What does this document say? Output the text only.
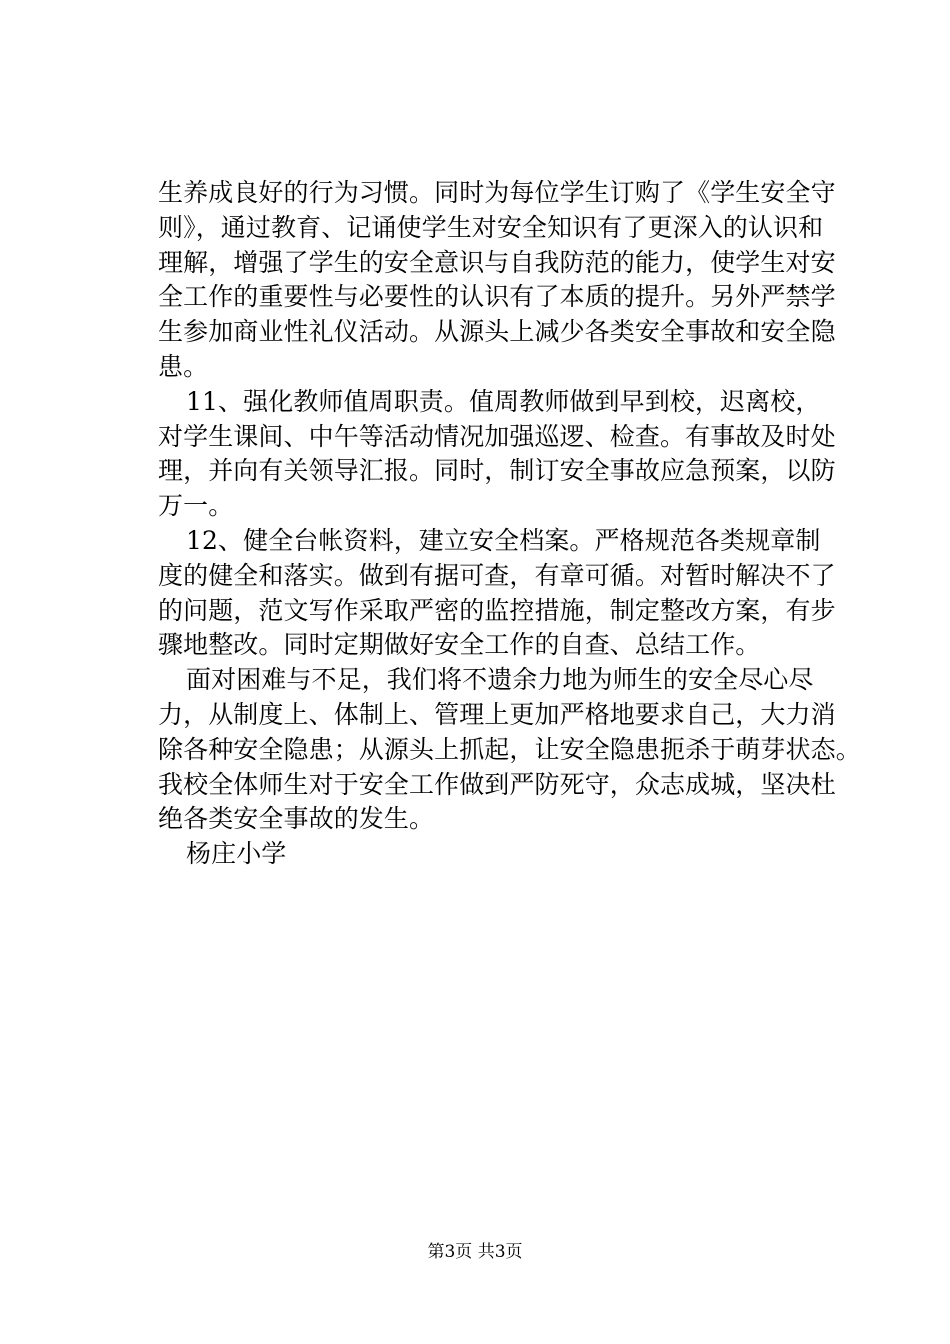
生养成良好的行为习惯。同时为每位学生订购了《学生安全守
则》，通过教育、记诵使学生对安全知识有了更深入的认识和
理解，增强了学生的安全意识与自我防范的能力，使学生对安
全工作的重要性与必要性的认识有了本质的提升。另外严禁学
生参加商业性礼仪活动。从源头上减少各类安全事故和安全隐
患。
11、强化教师值周职责。值周教师做到早到校，迟离校，
对学生课间、中午等活动情况加强巡逻、检查。有事故及时处
理，并向有关领导汇报。同时，制订安全事故应急预案，以防
万一。
12、健全台帐资料，建立安全档案。严格规范各类规章制
度的健全和落实。做到有据可查，有章可循。对暂时解决不了
的问题，范文写作采取严密的监控措施，制定整改方案，有步
骤地整改。同时定期做好安全工作的自查、总结工作。
面对困难与不足，我们将不遗余力地为师生的安全尽心尽
力，从制度上、体制上、管理上更加严格地要求自己，大力消
除各种安全隐患；从源头上抓起，让安全隐患扼杀于萌芽状态。
我校全体师生对于安全工作做到严防死守，众志成城，坚决杜
绝各类安全事故的发生。
杨庄小学
第3页 共3页
